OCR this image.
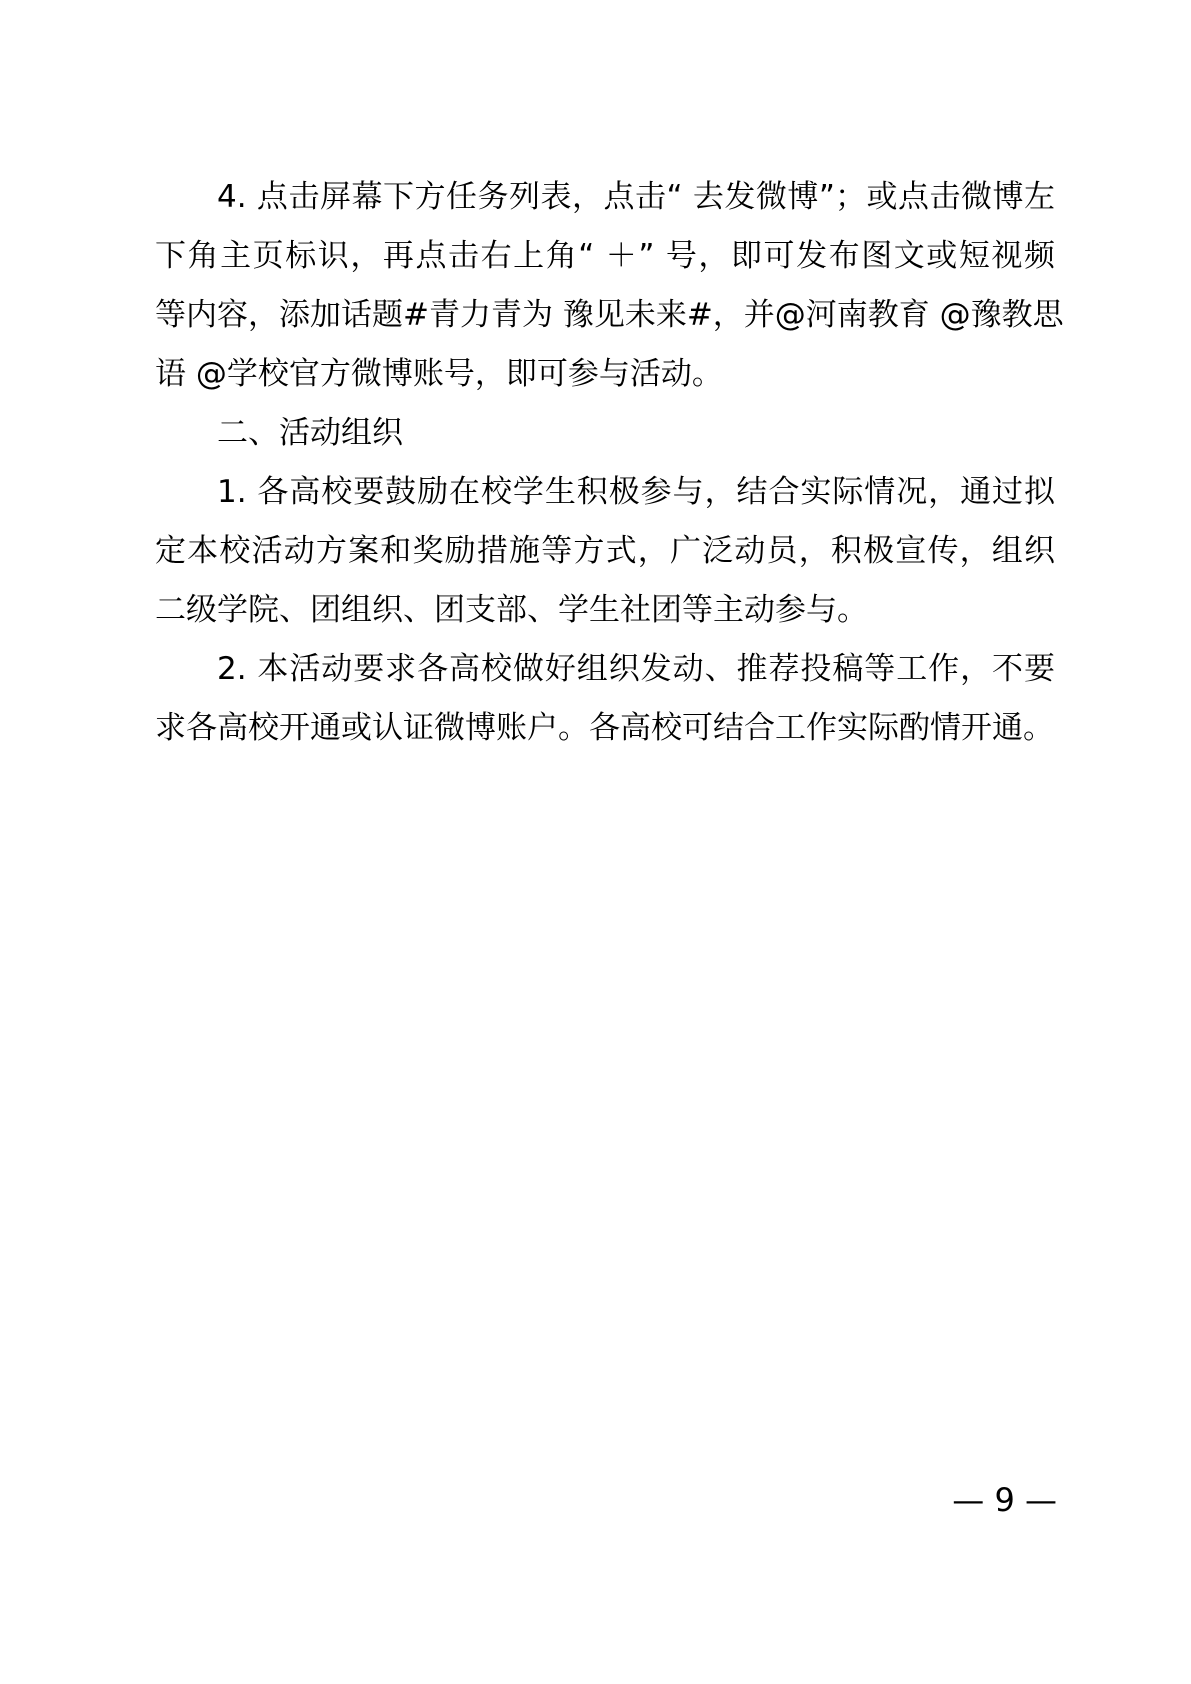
4. 点击屏幕下方任务列表，点击“ 去发微博”；或点击微博左
下角主页标识，再点击右上角“ ＋” 号，即可发布图文或短视频
等内容，添加话题#青力青为 豫见未来#，并@河南教育 @豫教思
语 @学校官方微博账号，即可参与活动。
二、活动组织
1. 各高校要鼓励在校学生积极参与，结合实际情况，通过拟
定本校活动方案和奖励措施等方式，广泛动员，积极宣传，组织
二级学院、团组织、团支部、学生社团等主动参与。
2. 本活动要求各高校做好组织发动、推荐投稿等工作，不要
求各高校开通或认证微博账户。各高校可结合工作实际酌情开通。
— 9 —
